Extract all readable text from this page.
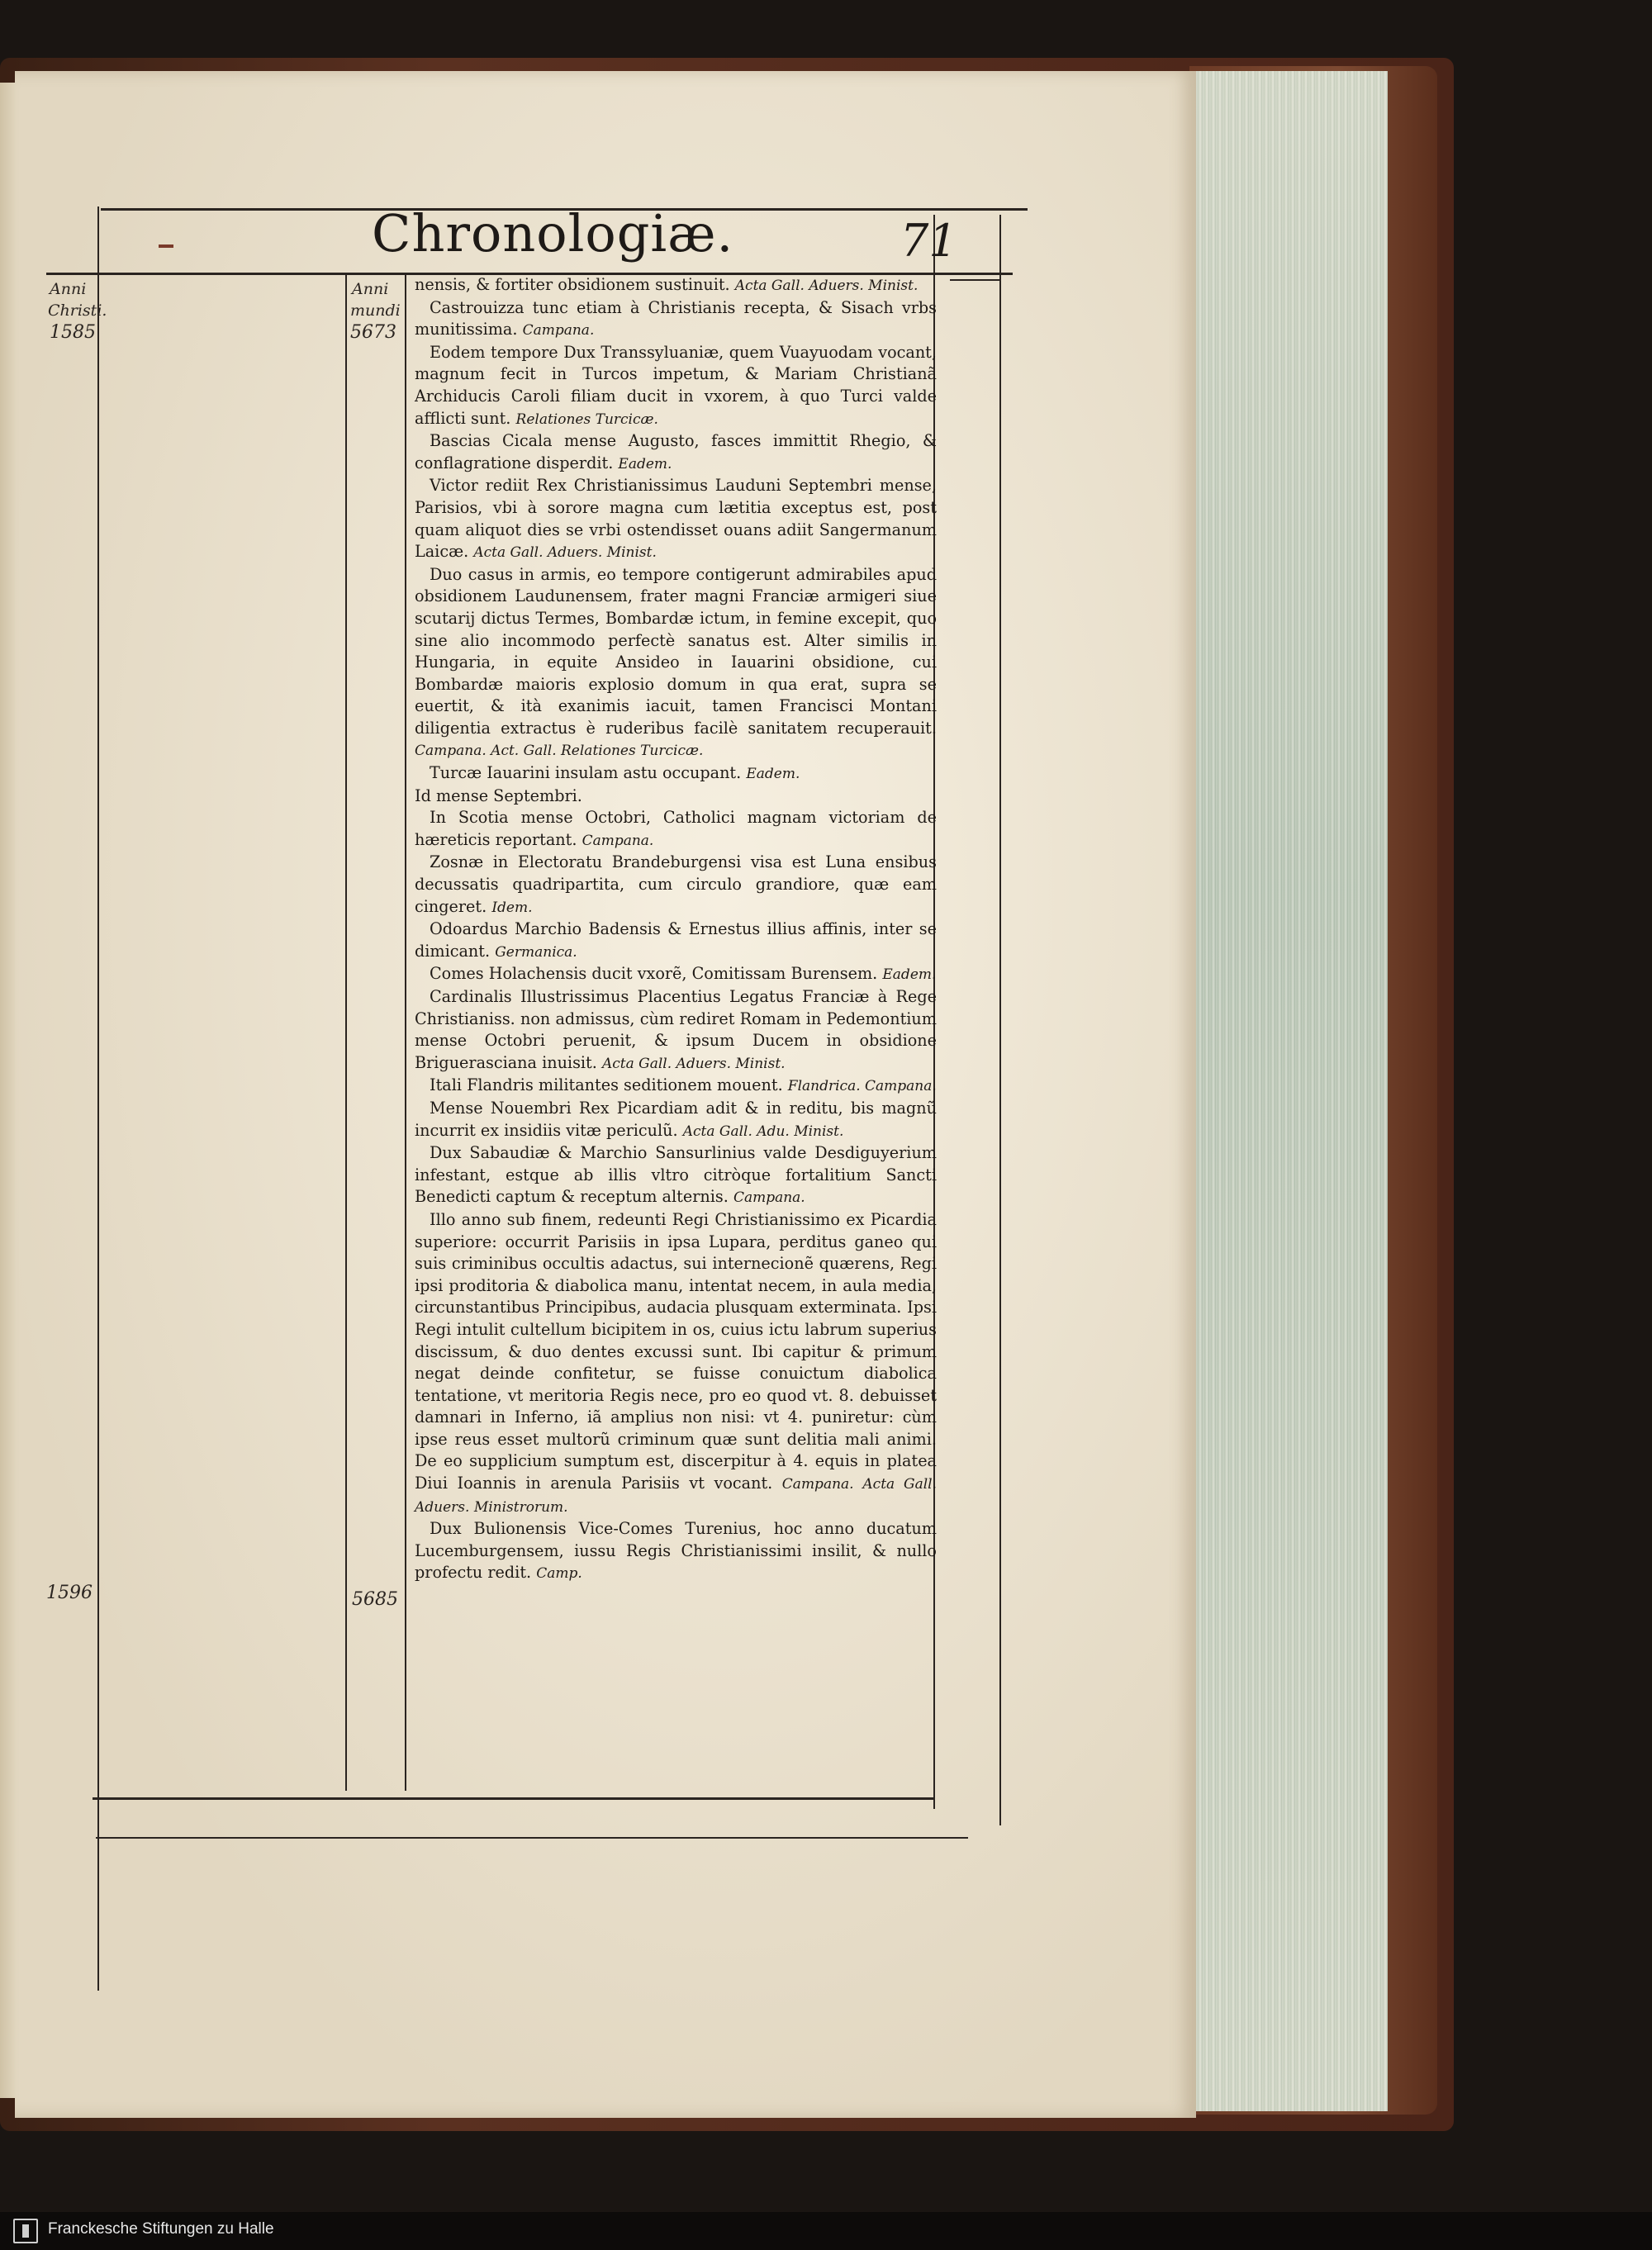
Chronologiæ.	71
Anni
Christi.
1585
1596
Anni
mundi
5673
5685

nensis, & fortiter obsidionem sustinuit. Acta Gall. Aduers. Minist.

Castrouizza tunc etiam à Christianis recepta, & Sisach vrbs munitissima. Campana.

Eodem tempore Dux Transsyluaniæ, quem Vuayuodam vocant, magnum fecit in Turcos impetum, & Mariam Christianã Archiducis Caroli filiam ducit in vxorem, à quo Turci valde afflicti sunt. Relationes Turcicæ.

Bascias Cicala mense Augusto, fasces immittit Rhegio, & conflagratione disperdit. Eadem.

Victor rediit Rex Christianissimus Lauduni Septembri mense, Parisios, vbi à sorore magna cum lætitia exceptus est, post quam aliquot dies se vrbi ostendisset ouans adiit Sangermanum Laicæ. Acta Gall. Aduers. Minist.

Duo casus in armis, eo tempore contigerunt admirabiles apud obsidionem Laudunensem, frater magni Franciæ armigeri siue scutarij dictus Termes, Bombardæ ictum, in femine excepit, quo sine alio incommodo perfectè sanatus est. Alter similis in Hungaria, in equite Ansideo in Iauarini obsidione, cui Bombardæ maioris explosio domum in qua erat, supra se euertit, & ità exanimis iacuit, tamen Francisci Montani diligentia extractus è ruderibus facilè sanitatem recuperauit. Campana. Act. Gall. Relationes Turcicæ.

Turcæ Iauarini insulam astu occupant. Eadem.

Id mense Septembri.

In Scotia mense Octobri, Catholici magnam victoriam de hæreticis reportant. Campana.

Zosnæ in Electoratu Brandeburgensi visa est Luna ensibus decussatis quadripartita, cum circulo grandiore, quæ eam cingeret. Idem.

Odoardus Marchio Badensis & Ernestus illius affinis, inter se dimicant. Germanica.

Comes Holachensis ducit vxorẽ, Comitissam Burensem. Eadem.

Cardinalis Illustrissimus Placentius Legatus Franciæ à Rege Christianiss. non admissus, cùm rediret Romam in Pedemontium mense Octobri peruenit, & ipsum Ducem in obsidione Briguerasciana inuisit. Acta Gall. Aduers. Minist.

Itali Flandris militantes seditionem mouent. Flandrica. Campana.

Mense Nouembri Rex Picardiam adit & in reditu, bis magnũ incurrit ex insidiis vitæ periculũ. Acta Gall. Adu. Minist.

Dux Sabaudiæ & Marchio Sansurlinius valde Desdiguyerium infestant, estque ab illis vltro citròque fortalitium Sancti Benedicti captum & receptum alternis. Campana.

Illo anno sub finem, redeunti Regi Christianissimo ex Picardia superiore: occurrit Parisiis in ipsa Lupara, perditus ganeo qui suis criminibus occultis adactus, sui internecionẽ quærens, Regi ipsi proditoria & diabolica manu, intentat necem, in aula media, circunstantibus Principibus, audacia plusquam exterminata. Ipsi Regi intulit cultellum bicipitem in os, cuius ictu labrum superius discissum, & duo dentes excussi sunt. Ibi capitur & primum negat deinde confitetur, se fuisse conuictum diabolica tentatione, vt meritoria Regis nece, pro eo quod vt. 8. debuisset damnari in Inferno, iã amplius non nisi: vt 4. puniretur: cùm ipse reus esset multorũ criminum quæ sunt delitia mali animi. De eo supplicium sumptum est, discerpitur à 4. equis in platea Diui Ioannis in arenula Parisiis vt vocant. Campana. Acta Gall. Aduers. Ministrorum.

Dux Bulionensis Vice-Comes Turenius, hoc anno ducatum Lucemburgensem, iussu Regis Christianissimi insilit, & nullo profectu redit. Camp.

Franckesche Stiftungen zu Halle
